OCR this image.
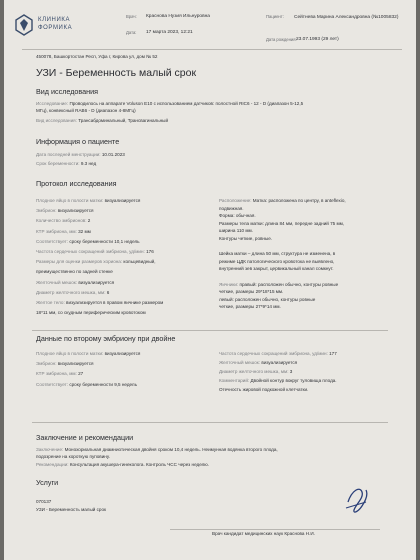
КЛИНИКА ФОРМИКА
Врач: Краснова Нузия Ильнуровна
Дата: 17 марта 2023, 12:21
Пациент: Сейтнева Марина Александровна (№1005832)
Дата рождения: 23.07.1993 (29 лет)
450078, Башкортостан Респ, Уфа г, Кирова ул, дом № 52
УЗИ - Беременность малый срок
Вид исследования
Исследование: Проводилось на аппарате Voluson E10 с использованием датчиков: полостной RIC6 - 12 - D (диапазон 5-12,5
МГц), конвексный RAB6 - D (диапазон 4-8МГц)
Вид исследования: Трансабдоминальный, Трансвагинальный
Информация о пациенте
Дата последней менструации: 10.01.2023
Срок беременности: 9.3 нед
Протокол исследования
Плодное яйцо в полости матки: визуализируется
Эмбрион: визуализируется
Количество эмбрионов: 2
КТР эмбриона, мм: 32 мм
Соответствует: сроку беременности 10,1 недель
Частота сердечных сокращений эмбриона, уд/мин: 176
Размеры для оценки размеров хориона: кольцевидный,
преимущественно по задней стенке
Желточный мешок: визуализируется
Диаметр желточного мешка, мм: 6
Желтое тело: визуализируется в правом яичнике размером
18*11 мм, со скудным периферическим кровотоком
Расположение: Матка: расположена по центру, в anteflexio,
подвижная.
Форма: обычная.
Размеры тела матки: длина 84 мм, передне задний 75 мм,
ширина 110 мм.
Контуры четкие, ровные.
Шейка матки – длина 50 мм, структура не изменена, в
режиме ЦДК патологического кровотока не выявлено,
внутренний зев закрыт, цервикальный канал сомкнут.
Яичники: правый: расположен обычно, контуры ровные
четкие, размеры 29*18*15 мм.
левый: расположен обычно, контуры ровные
четкие, размеры 27*9*14 мм.
Данные по второму эмбриону при двойне
Плодное яйцо в полости матки: визуализируется
Эмбрион: визуализируется
КТР эмбриона, мм: 27
Соответствует: сроку беременности 9,5 недель
Частота сердечных сокращений эмбриона, уд/мин: 177
Желточный мешок: визуализируется
Диаметр желточного мешка, мм: 3
Комментарий: Двойной контур вокруг туловища плода.
Отечность жировой подкожной клетчатки.
Заключение и рекомендации
Заключение: Монохориальная диамниотическая двойня сроком 10,4 недель. Неимунная водянка второго плода,
подозрение на короткую пуповину.
Рекомендации: Консультация акушера-гинеколога. Контроль ЧСС через неделю.
Услуги
070137
УЗИ - Беременность малый срок
Врач кандидат медицинских наук Краснова Н.И.
